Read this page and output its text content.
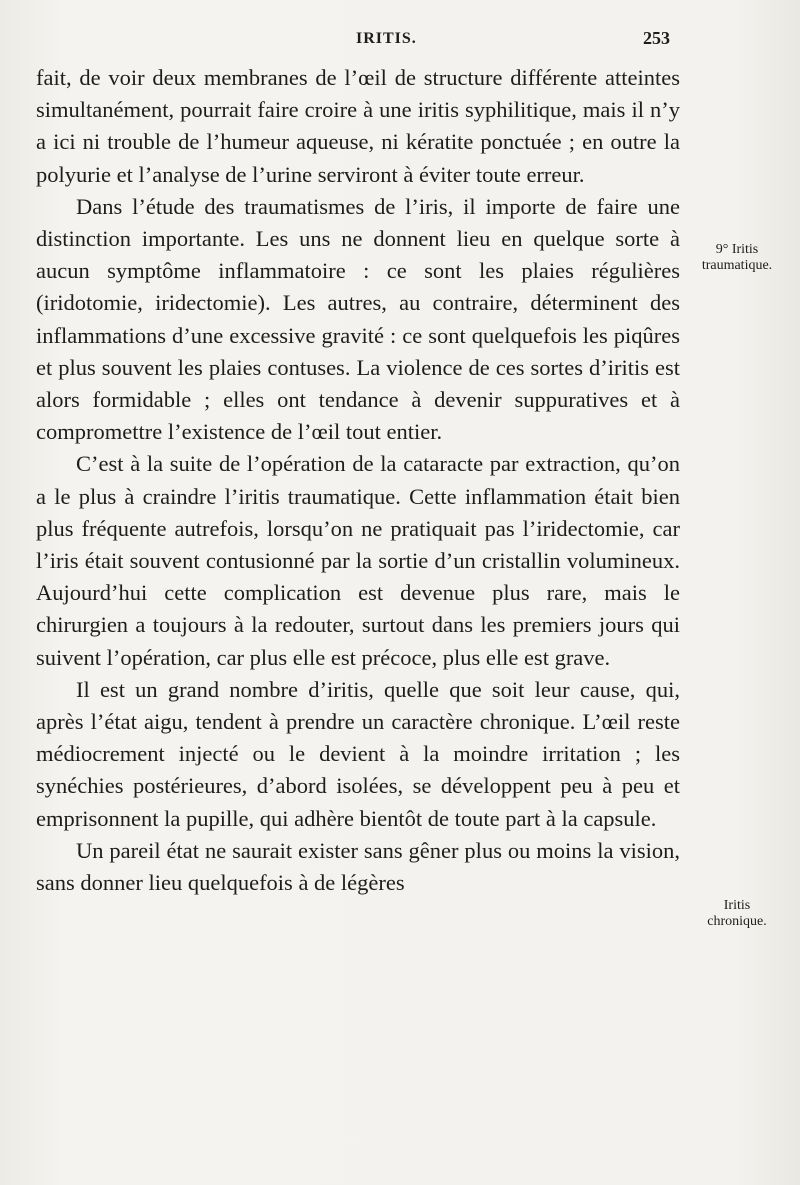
IRITIS.	253

fait, de voir deux membranes de l’œil de structure différente atteintes simultanément, pourrait faire croire à une iritis syphilitique, mais il n’y a ici ni trouble de l’humeur aqueuse, ni kératite ponctuée ; en outre la polyurie et l’analyse de l’urine serviront à éviter toute erreur.

Dans l’étude des traumatismes de l’iris, il importe de faire une distinction importante. Les uns ne donnent lieu en quelque sorte à aucun symptôme inflammatoire : ce sont les plaies régulières (iridotomie, iridectomie). Les autres, au contraire, déterminent des inflammations d’une excessive gravité : ce sont quelquefois les piqûres et plus souvent les plaies contuses. La violence de ces sortes d’iritis est alors formidable ; elles ont tendance à devenir suppuratives et à compromettre l’existence de l’œil tout entier.

C’est à la suite de l’opération de la cataracte par extraction, qu’on a le plus à craindre l’iritis traumatique. Cette inflammation était bien plus fréquente autrefois, lorsqu’on ne pratiquait pas l’iridectomie, car l’iris était souvent contusionné par la sortie d’un cristallin volumineux. Aujourd’hui cette complication est devenue plus rare, mais le chirurgien a toujours à la redouter, surtout dans les premiers jours qui suivent l’opération, car plus elle est précoce, plus elle est grave.

Il est un grand nombre d’iritis, quelle que soit leur cause, qui, après l’état aigu, tendent à prendre un caractère chronique. L’œil reste médiocrement injecté ou le devient à la moindre irritation ; les synéchies postérieures, d’abord isolées, se développent peu à peu et emprisonnent la pupille, qui adhère bientôt de toute part à la capsule.

Un pareil état ne saurait exister sans gêner plus ou moins la vision, sans donner lieu quelquefois à de légères

9° Iritis traumatique.
Iritis chronique.
